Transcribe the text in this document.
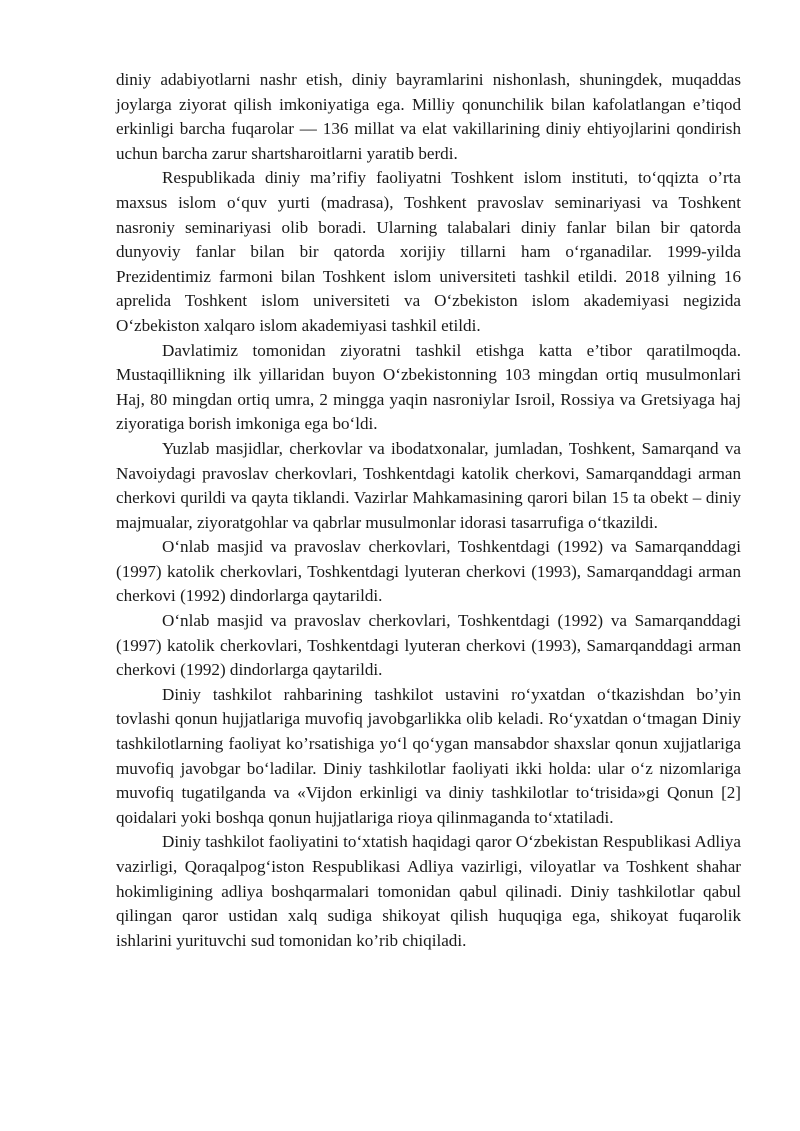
diniy adabiyotlarni nashr etish, diniy bayramlarini nishonlash, shuningdek, muqaddas joylarga ziyorat qilish imkoniyatiga ega. Milliy qonunchilik bilan kafolatlangan e’tiqod erkinligi barcha fuqarolar — 136 millat va elat vakillarining diniy ehtiyojlarini qondirish uchun barcha zarur shartsharoitlarni yaratib berdi.

Respublikada diniy ma’rifiy faoliyatni Toshkent islom instituti, to‘qqizta o’rta maxsus islom o‘quv yurti (madrasa), Toshkent pravoslav seminariyasi va Toshkent nasroniy seminariyasi olib boradi. Ularning talabalari diniy fanlar bilan bir qatorda dunyoviy fanlar bilan bir qatorda xorijiy tillarni ham o‘rganadilar. 1999-yilda Prezidentimiz farmoni bilan Toshkent islom universiteti tashkil etildi. 2018 yilning 16 aprelida Toshkent islom universiteti va O‘zbekiston islom akademiyasi negizida O‘zbekiston xalqaro islom akademiyasi tashkil etildi.

Davlatimiz tomonidan ziyoratni tashkil etishga katta e’tibor qaratilmoqda. Mustaqillikning ilk yillaridan buyon O‘zbekistonning 103 mingdan ortiq musulmonlari Haj, 80 mingdan ortiq umra, 2 mingga yaqin nasroniylar Isroil, Rossiya va Gretsiyaga haj ziyoratiga borish imkoniga ega bo‘ldi.

Yuzlab masjidlar, cherkovlar va ibodatxonalar, jumladan, Toshkent, Samarqand va Navoiydagi pravoslav cherkovlari, Toshkentdagi katolik cherkovi, Samarqanddagi arman cherkovi qurildi va qayta tiklandi. Vazirlar Mahkamasining qarori bilan 15 ta obekt – diniy majmualar, ziyoratgohlar va qabrlar musulmonlar idorasi tasarrufiga o‘tkazildi.

O‘nlab masjid va pravoslav cherkovlari, Toshkentdagi (1992) va Samarqanddagi (1997) katolik cherkovlari, Toshkentdagi lyuteran cherkovi (1993), Samarqanddagi arman cherkovi (1992) dindorlarga qaytarildi.

O‘nlab masjid va pravoslav cherkovlari, Toshkentdagi (1992) va Samarqanddagi (1997) katolik cherkovlari, Toshkentdagi lyuteran cherkovi (1993), Samarqanddagi arman cherkovi (1992) dindorlarga qaytarildi.

Diniy tashkilot rahbarining tashkilot ustavini ro‘yxatdan o‘tkazishdan bo’yin tovlashi qonun hujjatlariga muvofiq javobgarlikka olib keladi. Ro‘yxatdan o‘tmagan Diniy tashkilotlarning faoliyat ko’rsatishiga yo‘l qo‘ygan mansabdor shaxslar qonun xujjatlariga muvofiq javobgar bo‘ladilar. Diniy tashkilotlar faoliyati ikki holda: ular o‘z nizomlariga muvofiq tugatilganda va «Vijdon erkinligi va diniy tashkilotlar to‘trisida»gi Qonun [2] qoidalari yoki boshqa qonun hujjatlariga rioya qilinmaganda to‘xtatiladi.

Diniy tashkilot faoliyatini to‘xtatish haqidagi qaror O‘zbekistan Respublikasi Adliya vazirligi, Qoraqalpog‘iston Respublikasi Adliya vazirligi, viloyatlar va Toshkent shahar hokimligining adliya boshqarmalari tomonidan qabul qilinadi. Diniy tashkilotlar qabul qilingan qaror ustidan xalq sudiga shikoyat qilish huquqiga ega, shikoyat fuqarolik ishlarini yurituvchi sud tomonidan ko’rib chiqiladi.
